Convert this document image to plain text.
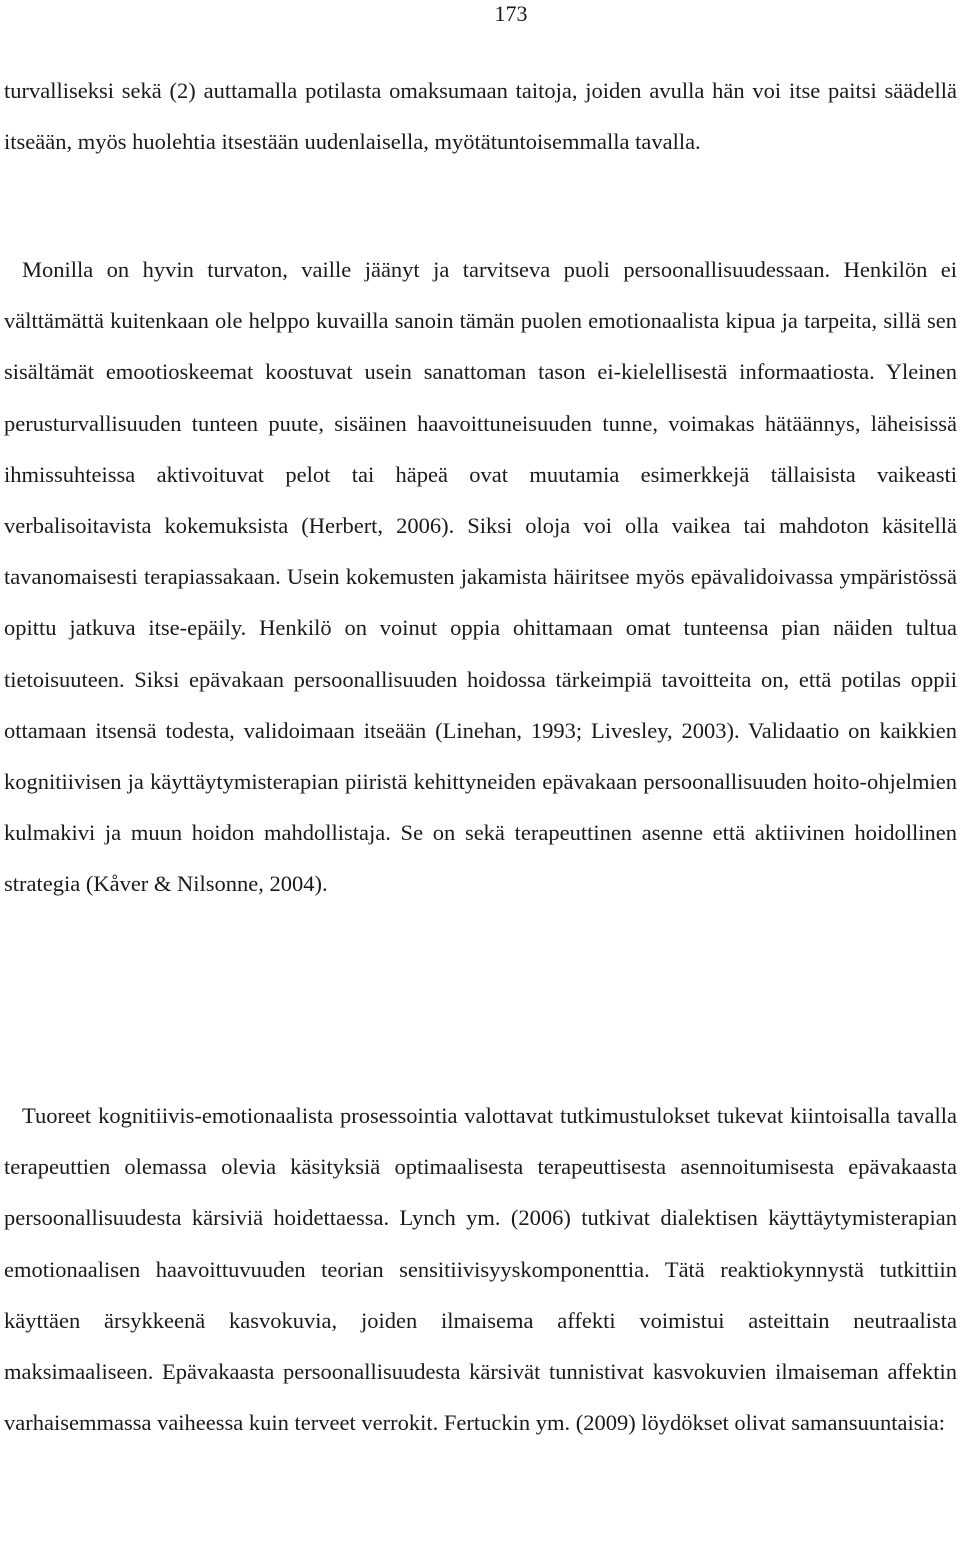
173

turvalliseksi sekä (2) auttamalla potilasta omaksumaan taitoja, joiden avulla hän voi itse paitsi säädellä itseään, myös huolehtia itsestään uudenlaisella, myötätuntoisemmalla tavalla.

Monilla on hyvin turvaton, vaille jäänyt ja tarvitseva puoli persoonallisuudessaan. Henkilön ei välttämättä kuitenkaan ole helppo kuvailla sanoin tämän puolen emotionaalista kipua ja tarpeita, sillä sen sisältämät emootioskeemat koostuvat usein sanattoman tason ei-kielellisestä informaatiosta. Yleinen perusturvallisuuden tunteen puute, sisäinen haavoittuneisuuden tunne, voimakas hätäännys, läheisissä ihmissuhteissa aktivoituvat pelot tai häpeä ovat muutamia esimerkkejä tällaisista vaikeasti verbalisoitavista kokemuksista (Herbert, 2006). Siksi oloja voi olla vaikea tai mahdoton käsitellä tavanomaisesti terapiassakaan. Usein kokemusten jakamista häiritsee myös epävalidoivassa ympäristössä opittu jatkuva itse-epäily. Henkilö on voinut oppia ohittamaan omat tunteensa pian näiden tultua tietoisuuteen. Siksi epävakaan persoonallisuuden hoidossa tärkeimpiä tavoitteita on, että potilas oppii ottamaan itsensä todesta, validoimaan itseään (Linehan, 1993; Livesley, 2003). Validaatio on kaikkien kognitiivisen ja käyttäytymisterapian piiristä kehittyneiden epävakaan persoonallisuuden hoito-ohjelmien kulmakivi ja muun hoidon mahdollistaja. Se on sekä terapeuttinen asenne että aktiivinen hoidollinen strategia (Kåver & Nilsonne, 2004).

Tuoreet kognitiivis-emotionaalista prosessointia valottavat tutkimustulokset tukevat kiintoisalla tavalla terapeuttien olemassa olevia käsityksiä optimaalisesta terapeuttisesta asennoitumisesta epävakaasta persoonallisuudesta kärsiviä hoidettaessa. Lynch ym. (2006) tutkivat dialektisen käyttäytymisterapian emotionaalisen haavoittuvuuden teorian sensitiivisyyskomponenttia. Tätä reaktiokynnystä tutkittiin käyttäen ärsykkeenä kasvokuvia, joiden ilmaisema affekti voimistui asteittain neutraalista maksimaaliseen. Epävakaasta persoonallisuudesta kärsivät tunnistivat kasvokuvien ilmaiseman affektin varhaisemmassa vaiheessa kuin terveet verrokit. Fertuckin ym. (2009) löydökset olivat samansuuntaisia:
